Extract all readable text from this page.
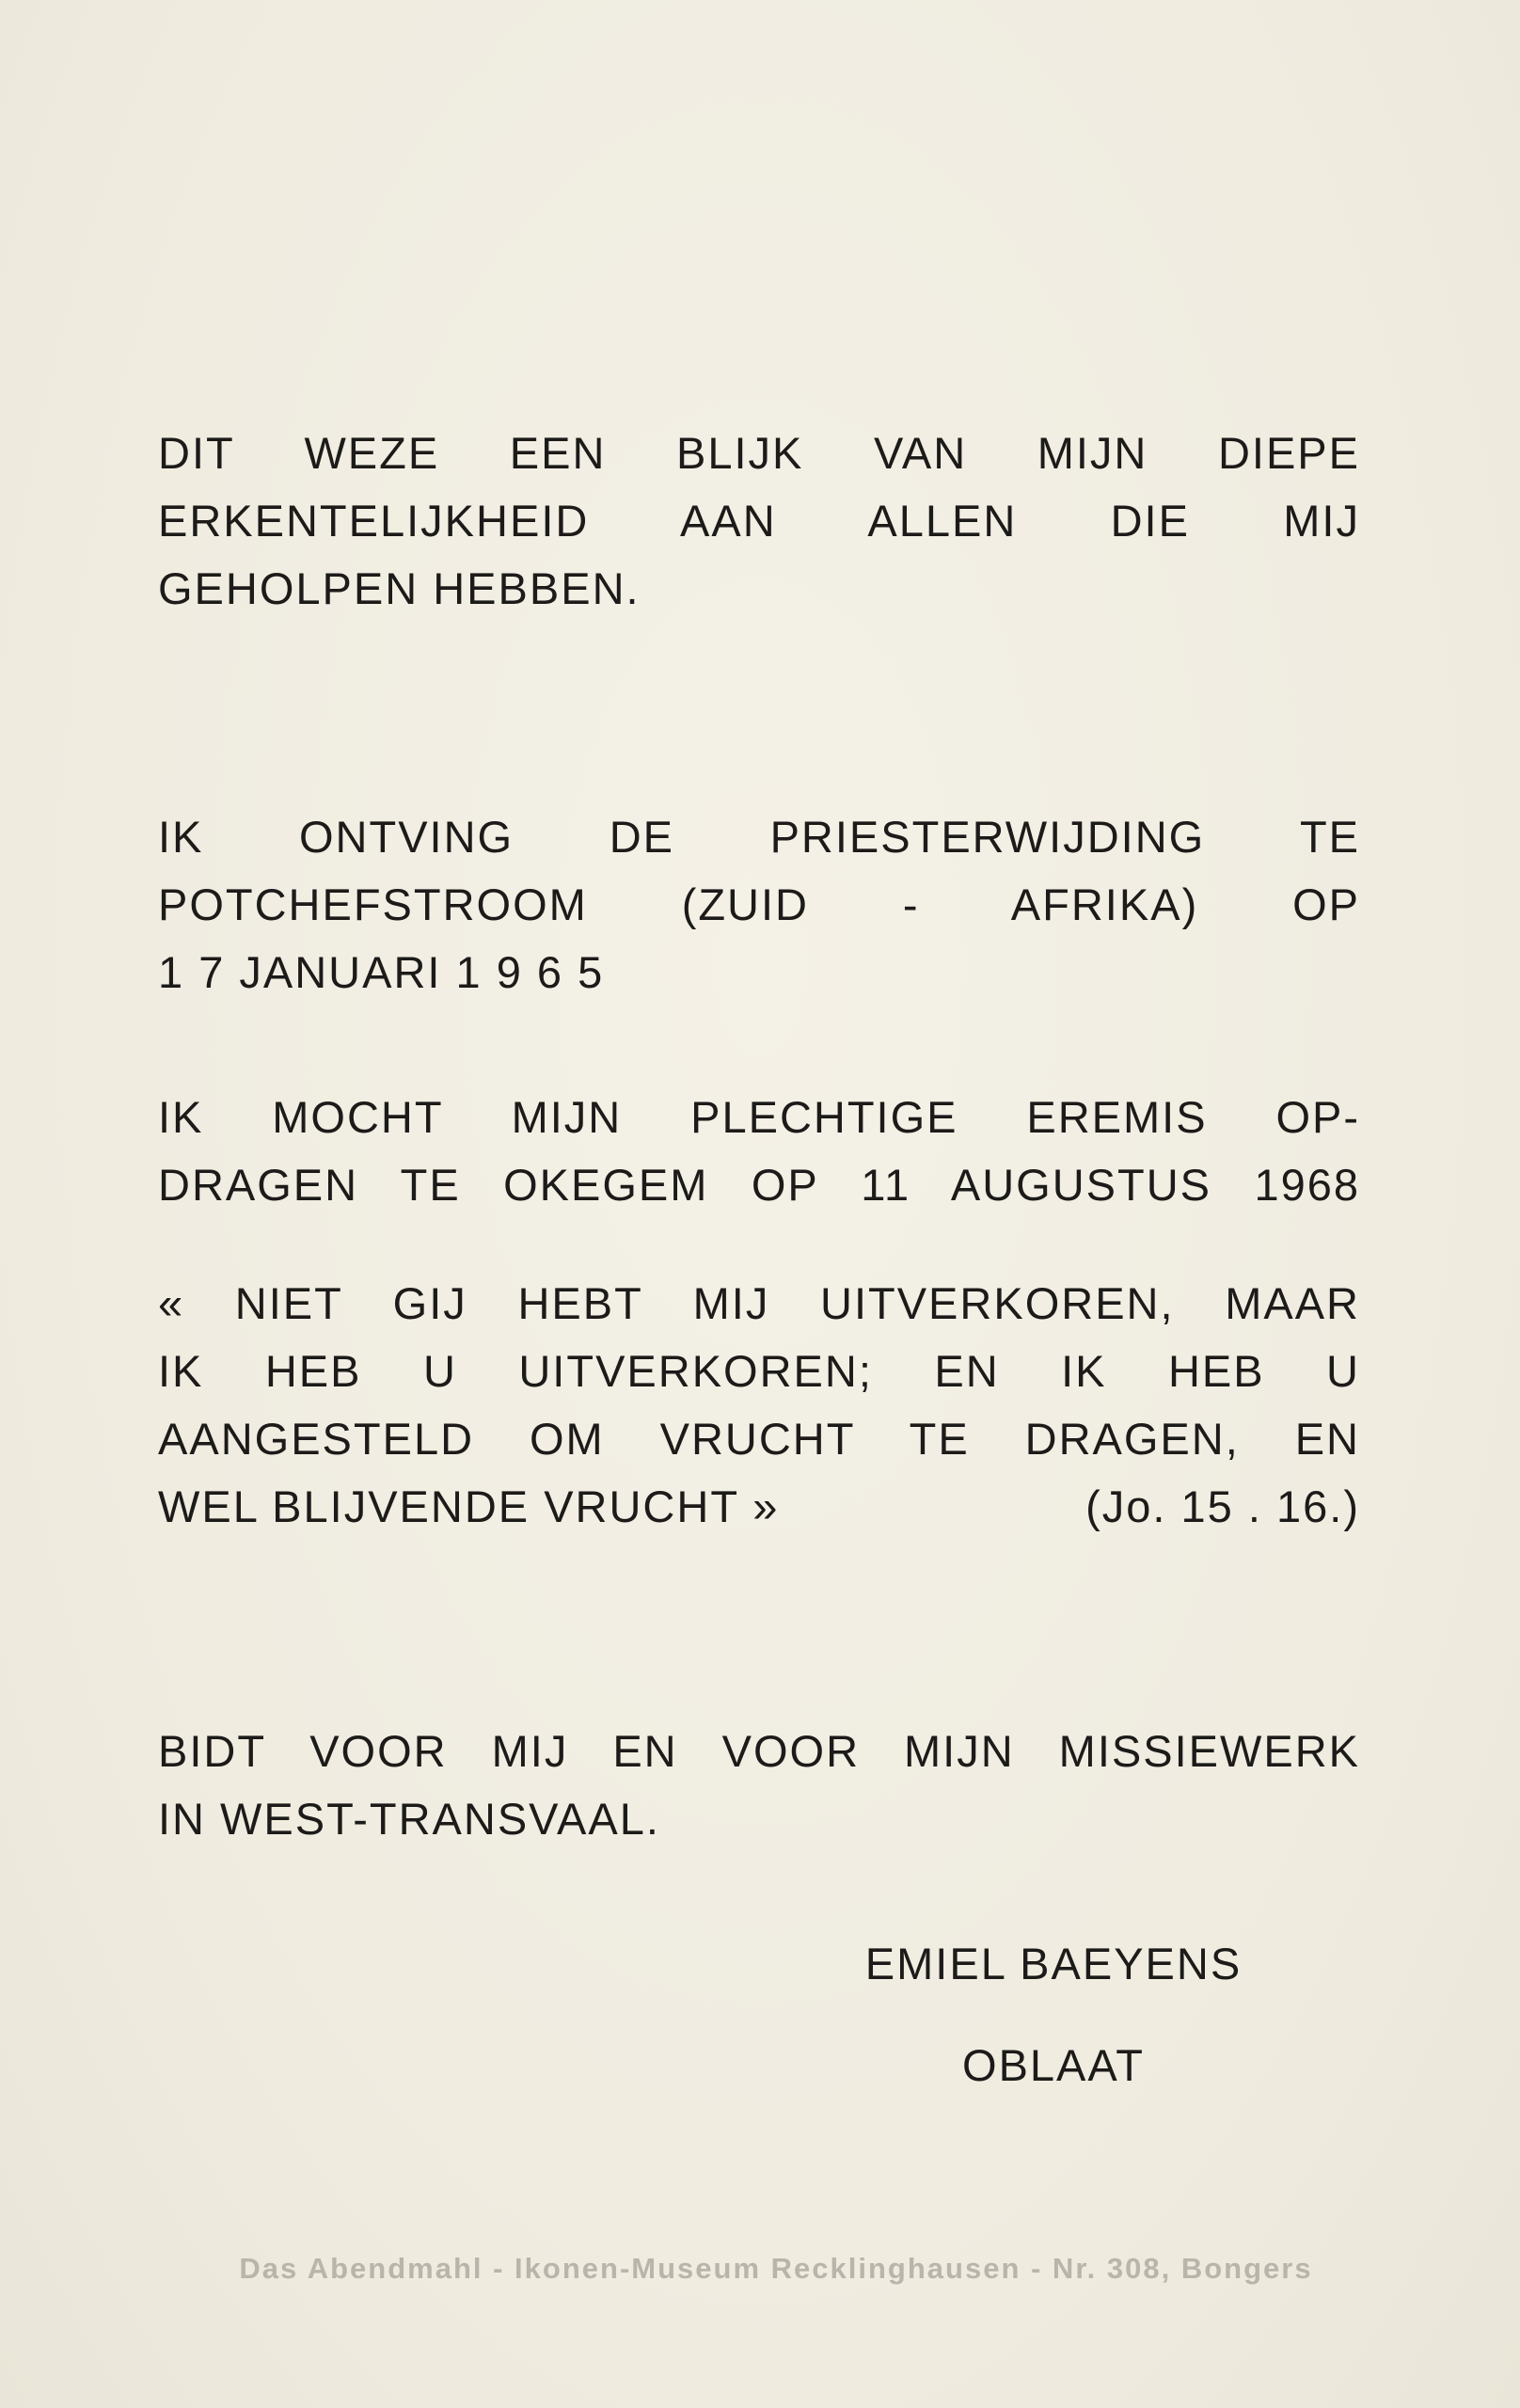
DIT WEZE EEN BLIJK VAN MIJN DIEPE
ERKENTELIJKHEID AAN ALLEN DIE MIJ
GEHOLPEN HEBBEN.

IK ONTVING DE PRIESTERWIJDING TE
POTCHEFSTROOM (ZUID - AFRIKA) OP
1 7 JANUARI 1 9 6 5

IK MOCHT MIJN PLECHTIGE EREMIS OP-
DRAGEN TE OKEGEM OP 11 AUGUSTUS 1968

« NIET GIJ HEBT MIJ UITVERKOREN, MAAR
IK HEB U UITVERKOREN; EN IK HEB U
AANGESTELD OM VRUCHT TE DRAGEN, EN
WEL BLIJVENDE VRUCHT »	(Jo. 15 . 16.)

BIDT VOOR MIJ EN VOOR MIJN MISSIEWERK
IN WEST-TRANSVAAL.

EMIEL BAEYENS
OBLAAT
Das Abendmahl - Ikonen-Museum Recklinghausen - Nr. 308, Bongers
